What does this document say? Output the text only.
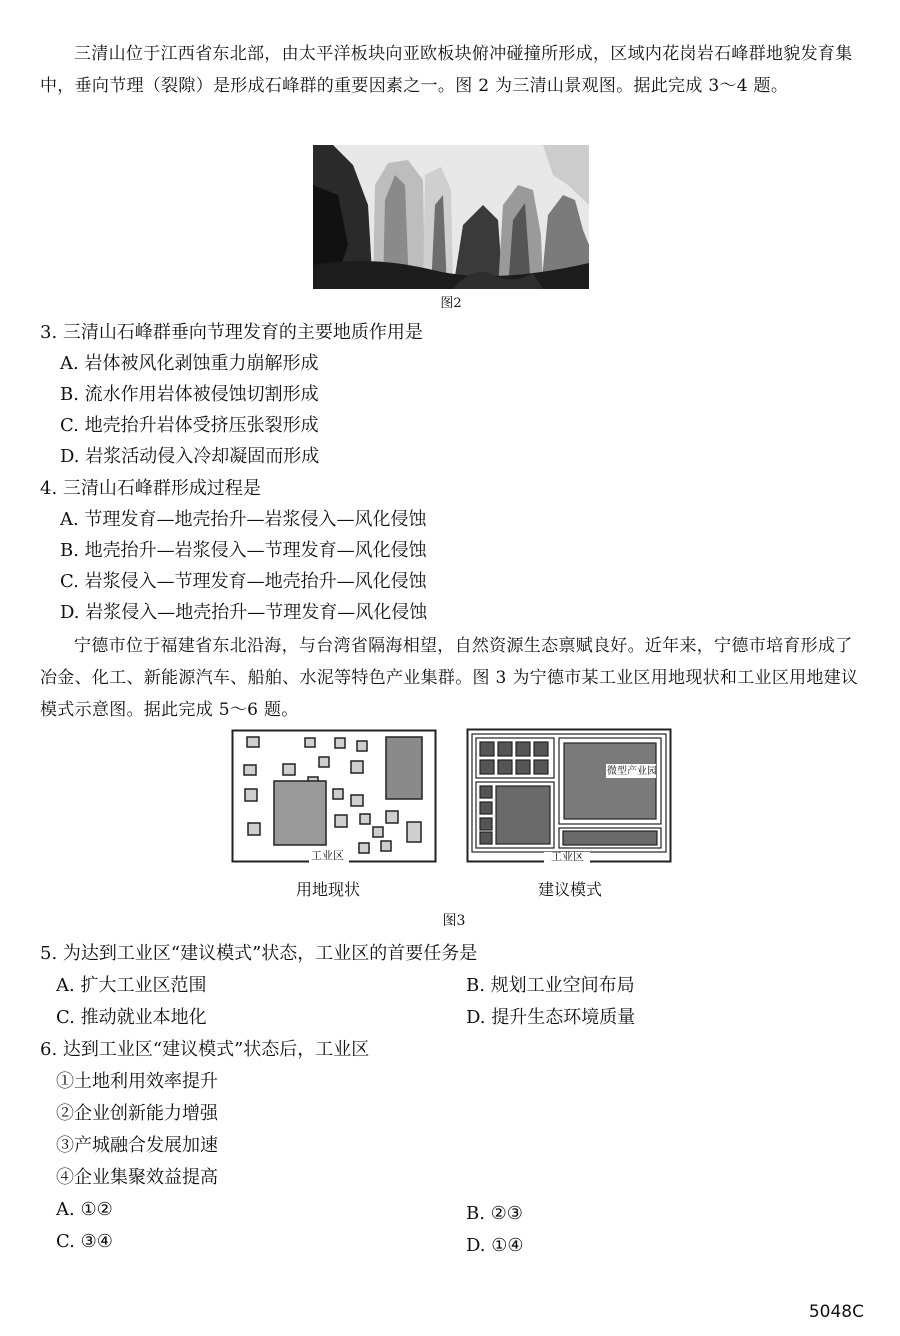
三清山位于江西省东北部，由太平洋板块向亚欧板块俯冲碰撞所形成，区域内花岗岩石峰群地貌发育集中，垂向节理（裂隙）是形成石峰群的重要因素之一。图 2 为三清山景观图。据此完成 3～4 题。

图2

3. 三清山石峰群垂向节理发育的主要地质作用是

A. 岩体被风化剥蚀重力崩解形成

B. 流水作用岩体被侵蚀切割形成

C. 地壳抬升岩体受挤压张裂形成

D. 岩浆活动侵入冷却凝固而形成

4. 三清山石峰群形成过程是

A. 节理发育—地壳抬升—岩浆侵入—风化侵蚀

B. 地壳抬升—岩浆侵入—节理发育—风化侵蚀

C. 岩浆侵入—节理发育—地壳抬升—风化侵蚀

D. 岩浆侵入—地壳抬升—节理发育—风化侵蚀

宁德市位于福建省东北沿海，与台湾省隔海相望，自然资源生态禀赋良好。近年来，宁德市培育形成了冶金、化工、新能源汽车、船舶、水泥等特色产业集群。图 3 为宁德市某工业区用地现状和工业区用地建议模式示意图。据此完成 5～6 题。

工业区
微型产业园
工业区

用地现状	建议模式

图3

5. 为达到工业区“建议模式”状态，工业区的首要任务是

A. 扩大工业区范围	B. 规划工业空间布局

C. 推动就业本地化	D. 提升生态环境质量

6. 达到工业区“建议模式”状态后，工业区

①土地利用效率提升

②企业创新能力增强

③产城融合发展加速

④企业集聚效益提高

A. ①②	B. ②③

C. ③④	D. ①④

5048C
